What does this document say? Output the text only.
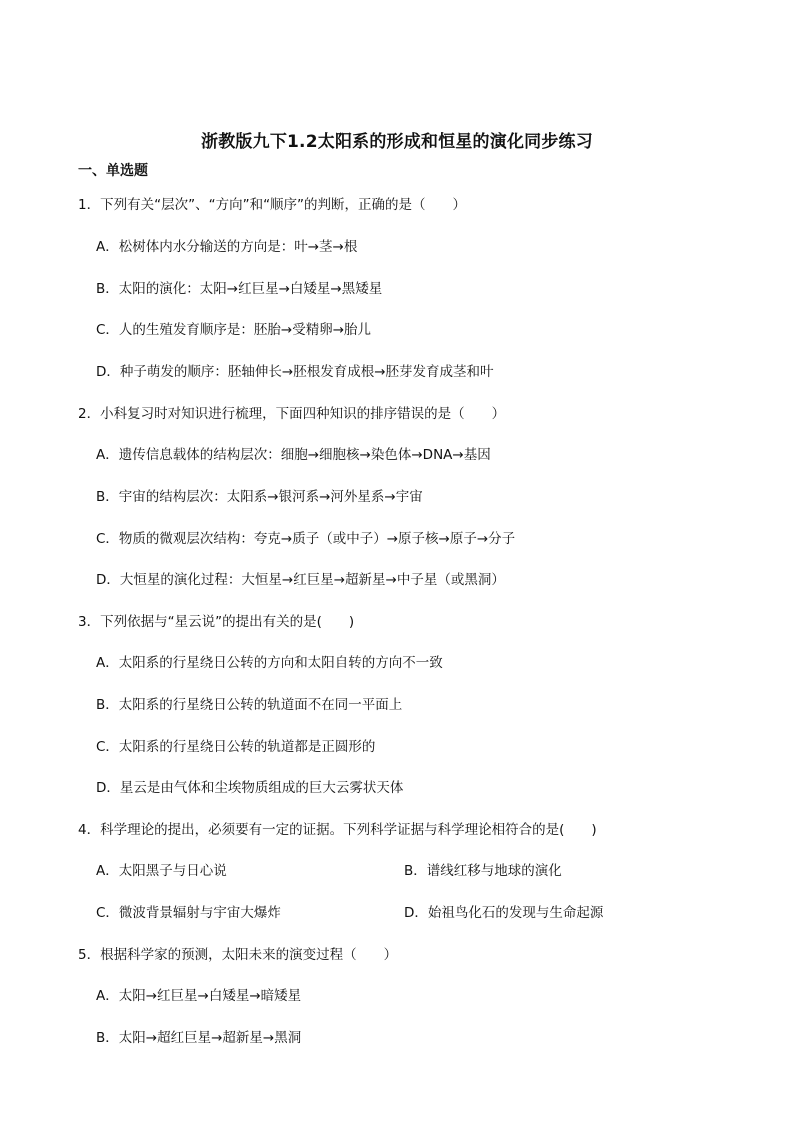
浙教版九下1.2太阳系的形成和恒星的演化同步练习
一、单选题
1．下列有关“层次”、“方向”和“顺序”的判断，正确的是（　　）
A．松树体内水分输送的方向是：叶→茎→根
B．太阳的演化：太阳→红巨星→白矮星→黑矮星
C．人的生殖发育顺序是：胚胎→受精卵→胎儿
D．种子萌发的顺序：胚轴伸长→胚根发育成根→胚芽发育成茎和叶
2．小科复习时对知识进行梳理，下面四种知识的排序错误的是（　　）
A．遗传信息载体的结构层次：细胞→细胞核→染色体→DNA→基因
B．宇宙的结构层次：太阳系→银河系→河外星系→宇宙
C．物质的微观层次结构：夸克→质子（或中子）→原子核→原子→分子
D．大恒星的演化过程：大恒星→红巨星→超新星→中子星（或黑洞）
3．下列依据与“星云说”的提出有关的是(　　)
A．太阳系的行星绕日公转的方向和太阳自转的方向不一致
B．太阳系的行星绕日公转的轨道面不在同一平面上
C．太阳系的行星绕日公转的轨道都是正圆形的
D．星云是由气体和尘埃物质组成的巨大云雾状天体
4．科学理论的提出，必须要有一定的证据。下列科学证据与科学理论相符合的是(　　)
A．太阳黑子与日心说	B．谱线红移与地球的演化
C．微波背景辐射与宇宙大爆炸	D．始祖鸟化石的发现与生命起源
5．根据科学家的预测，太阳未来的演变过程（　　）
A．太阳→红巨星→白矮星→暗矮星
B．太阳→超红巨星→超新星→黑洞
